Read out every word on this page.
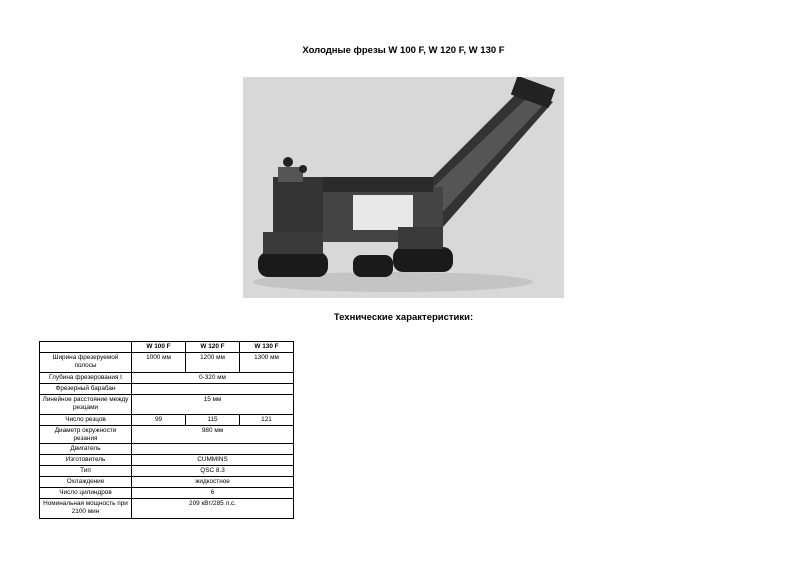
Холодные фрезы W 100 F, W 120 F, W 130 F
Технические характеристики:
	W 100 F	W 120 F	W 130 F
Ширина фрезеруемой полосы	1000 мм	1200 мм	1300 мм
Глубина фрезерования I	0-320 мм		
Фрезерный барабан			
Линейное расстояние между резцами	15 мм		
Число резцов	99	115	121
Диаметр окружности резания	980 мм		
Двигатель			
Изготовитель	CUMMINS		
Тип	QSC 8.3		
Охлаждение	жидкостное		
Число цилиндров	6		
Номинальная мощность при 2100 мин	209 кВт/285 л.с.		
